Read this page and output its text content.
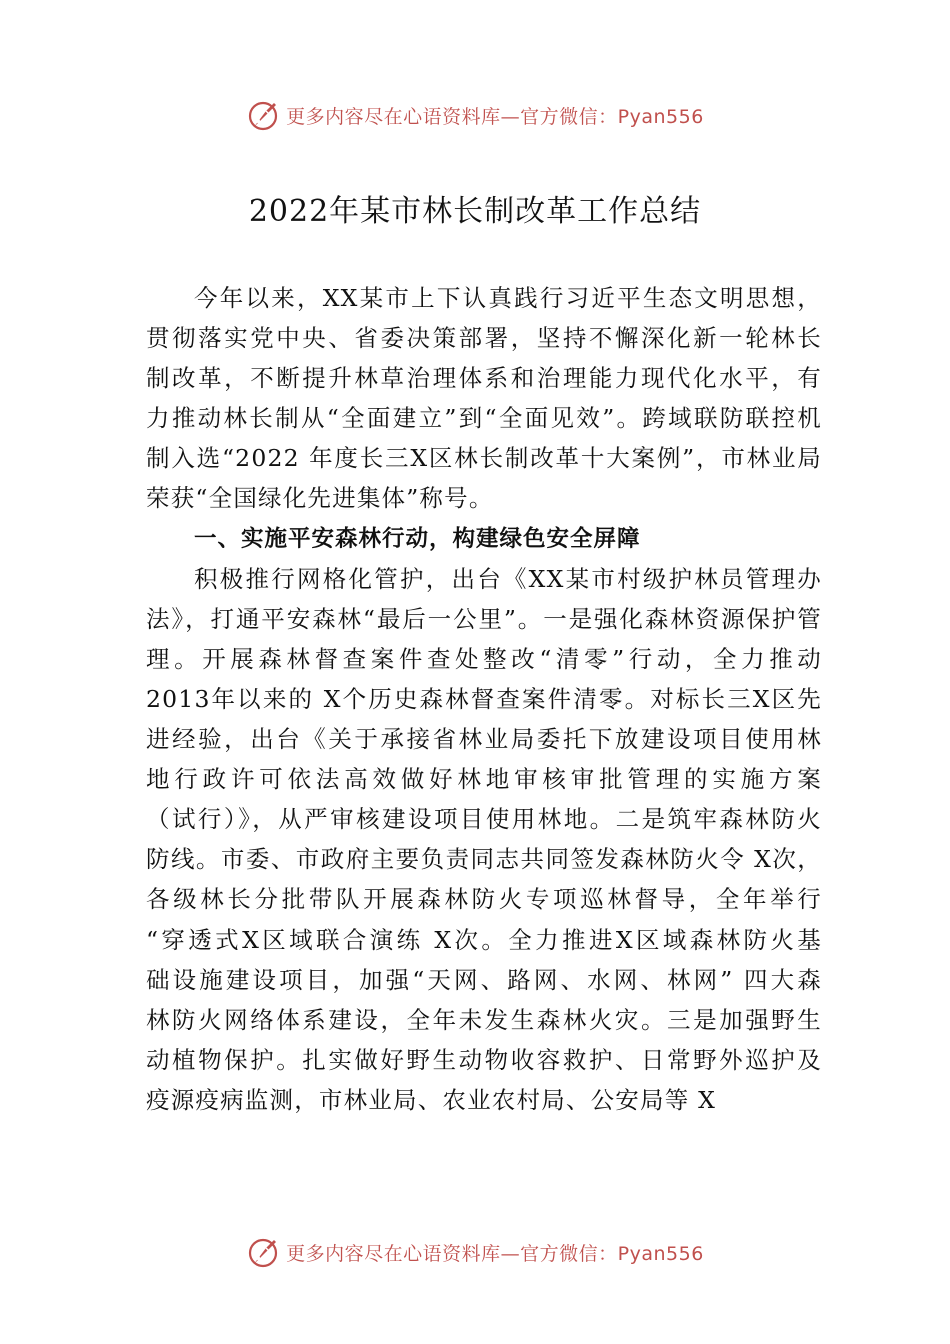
更多内容尽在心语资料库—官方微信：Pyan556
2022年某市林长制改革工作总结
今年以来，XX某市上下认真践行习近平生态文明思想，
贯彻落实党中央、省委决策部署，坚持不懈深化新一轮林长
制改革，不断提升林草治理体系和治理能力现代化水平，有
力推动林长制从“全面建立”到“全面见效”。跨域联防联控机
制入选“2022 年度长三X区林长制改革十大案例”，市林业局
荣获“全国绿化先进集体”称号。
一、实施平安森林行动，构建绿色安全屏障
积极推行网格化管护，出台《XX某市村级护林员管理办
法》，打通平安森林“最后一公里”。一是强化森林资源保护管
理。开展森林督查案件查处整改“清零”行动，全力推动
2013年以来的 X个历史森林督查案件清零。对标长三X区先
进经验，出台《关于承接省林业局委托下放建设项目使用林
地行政许可依法高效做好林地审核审批管理的实施方案
（试行）》，从严审核建设项目使用林地。二是筑牢森林防火
防线。市委、市政府主要负责同志共同签发森林防火令 X次，
各级林长分批带队开展森林防火专项巡林督导，全年举行
“穿透式X区域联合演练 X次。全力推进X区域森林防火基
础设施建设项目，加强“天网、路网、水网、林网” 四大森
林防火网络体系建设，全年未发生森林火灾。三是加强野生
动植物保护。扎实做好野生动物收容救护、日常野外巡护及
疫源疫病监测，市林业局、农业农村局、公安局等 X
更多内容尽在心语资料库—官方微信：Pyan556
